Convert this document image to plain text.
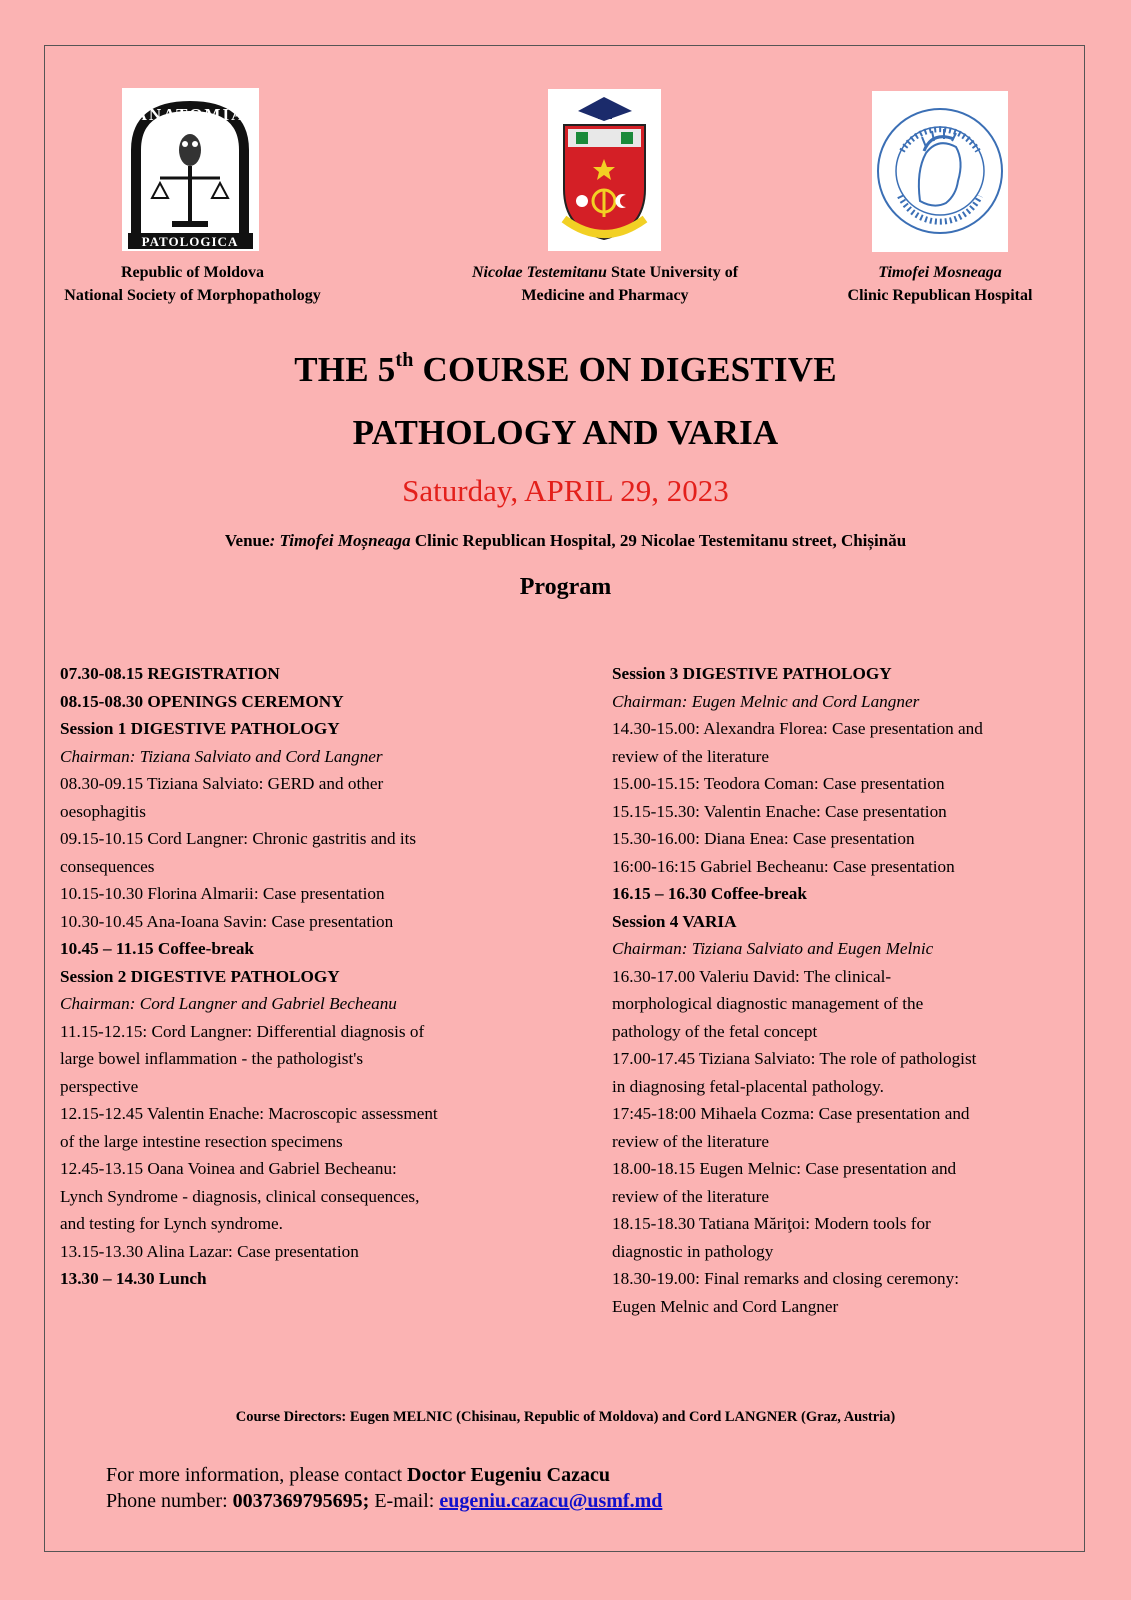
ANATOMIA
PATOLOGICA
Republic of Moldova
National Society of Morphopathology
Nicolae Testemitanu State University of
Medicine and Pharmacy
Timofei Mosneaga
Clinic Republican Hospital
THE 5th COURSE ON DIGESTIVE
PATHOLOGY AND VARIA
Saturday, APRIL 29, 2023
Venue: Timofei Moșneaga Clinic Republican Hospital, 29 Nicolae Testemitanu street, Chișinău
Program
07.30-08.15 REGISTRATION
08.15-08.30 OPENINGS CEREMONY
Session 1 DIGESTIVE PATHOLOGY
Chairman: Tiziana Salviato and Cord Langner
08.30-09.15 Tiziana Salviato: GERD and other
oesophagitis
09.15-10.15 Cord Langner: Chronic gastritis and its
consequences
10.15-10.30 Florina Almarii: Case presentation
10.30-10.45 Ana-Ioana Savin: Case presentation
10.45 – 11.15 Coffee-break
Session 2 DIGESTIVE PATHOLOGY
Chairman: Cord Langner and Gabriel Becheanu
11.15-12.15: Cord Langner: Differential diagnosis of
large bowel inflammation - the pathologist's
perspective
12.15-12.45 Valentin Enache: Macroscopic assessment
of the large intestine resection specimens
12.45-13.15 Oana Voinea and Gabriel Becheanu:
Lynch Syndrome - diagnosis, clinical consequences,
and testing for Lynch syndrome.
13.15-13.30 Alina Lazar: Case presentation
13.30 – 14.30 Lunch
Session 3 DIGESTIVE PATHOLOGY
Chairman: Eugen Melnic and Cord Langner
14.30-15.00: Alexandra Florea: Case presentation and
review of the literature
15.00-15.15: Teodora Coman: Case presentation
15.15-15.30: Valentin Enache: Case presentation
15.30-16.00: Diana Enea: Case presentation
16:00-16:15 Gabriel Becheanu: Case presentation
16.15 – 16.30 Coffee-break
Session 4 VARIA
Chairman: Tiziana Salviato and Eugen Melnic
16.30-17.00 Valeriu David: The clinical-
morphological diagnostic management of the
pathology of the fetal concept
17.00-17.45 Tiziana Salviato: The role of pathologist
in diagnosing fetal-placental pathology.
17:45-18:00 Mihaela Cozma: Case presentation and
review of the literature
18.00-18.15 Eugen Melnic: Case presentation and
review of the literature
18.15-18.30 Tatiana Măriţoi: Modern tools for
diagnostic in pathology
18.30-19.00: Final remarks and closing ceremony:
Eugen Melnic and Cord Langner
Course Directors: Eugen MELNIC (Chisinau, Republic of Moldova) and Cord LANGNER (Graz, Austria)
For more information, please contact Doctor Eugeniu Cazacu
Phone number: 0037369795695; E-mail: eugeniu.cazacu@usmf.md
